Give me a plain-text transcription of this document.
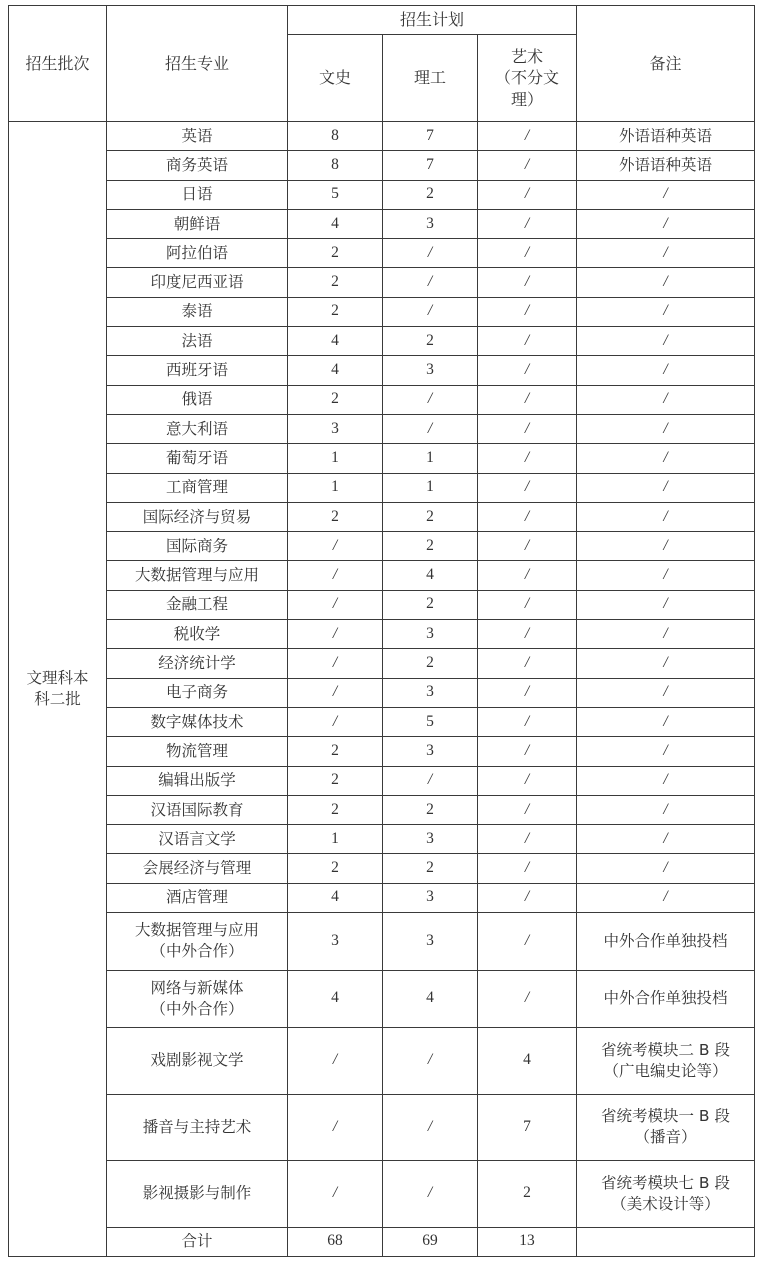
招生批次	招生专业	招生计划			备注
		文史	理工	艺术
（不分文
理）	

文理科本科二批	英语	8	7	/	外语语种英语
	商务英语	8	7	/	外语语种英语
	日语	5	2	/	/
	朝鲜语	4	3	/	/
	阿拉伯语	2	/	/	/
	印度尼西亚语	2	/	/	/
	泰语	2	/	/	/
	法语	4	2	/	/
	西班牙语	4	3	/	/
	俄语	2	/	/	/
	意大利语	3	/	/	/
	葡萄牙语	1	1	/	/
	工商管理	1	1	/	/
	国际经济与贸易	2	2	/	/
	国际商务	/	2	/	/
	大数据管理与应用	/	4	/	/
	金融工程	/	2	/	/
	税收学	/	3	/	/
	经济统计学	/	2	/	/
	电子商务	/	3	/	/
	数字媒体技术	/	5	/	/
	物流管理	2	3	/	/
	编辑出版学	2	/	/	/
	汉语国际教育	2	2	/	/
	汉语言文学	1	3	/	/
	会展经济与管理	2	2	/	/
	酒店管理	4	3	/	/

	大数据管理与应用
（中外合作）	3	3	/	中外合作单独投档

	网络与新媒体
（中外合作）	4	4	/	中外合作单独投档
	戏剧影视文学	/	/	4	省统考模块二 B 段
（广电编史论等）

	播音与主持艺术	/	/	7	省统考模块一 B 段
（播音）

	影视摄影与制作	/	/	2	省统考模块七 B 段
（美术设计等）

	合计	68	69	13	
